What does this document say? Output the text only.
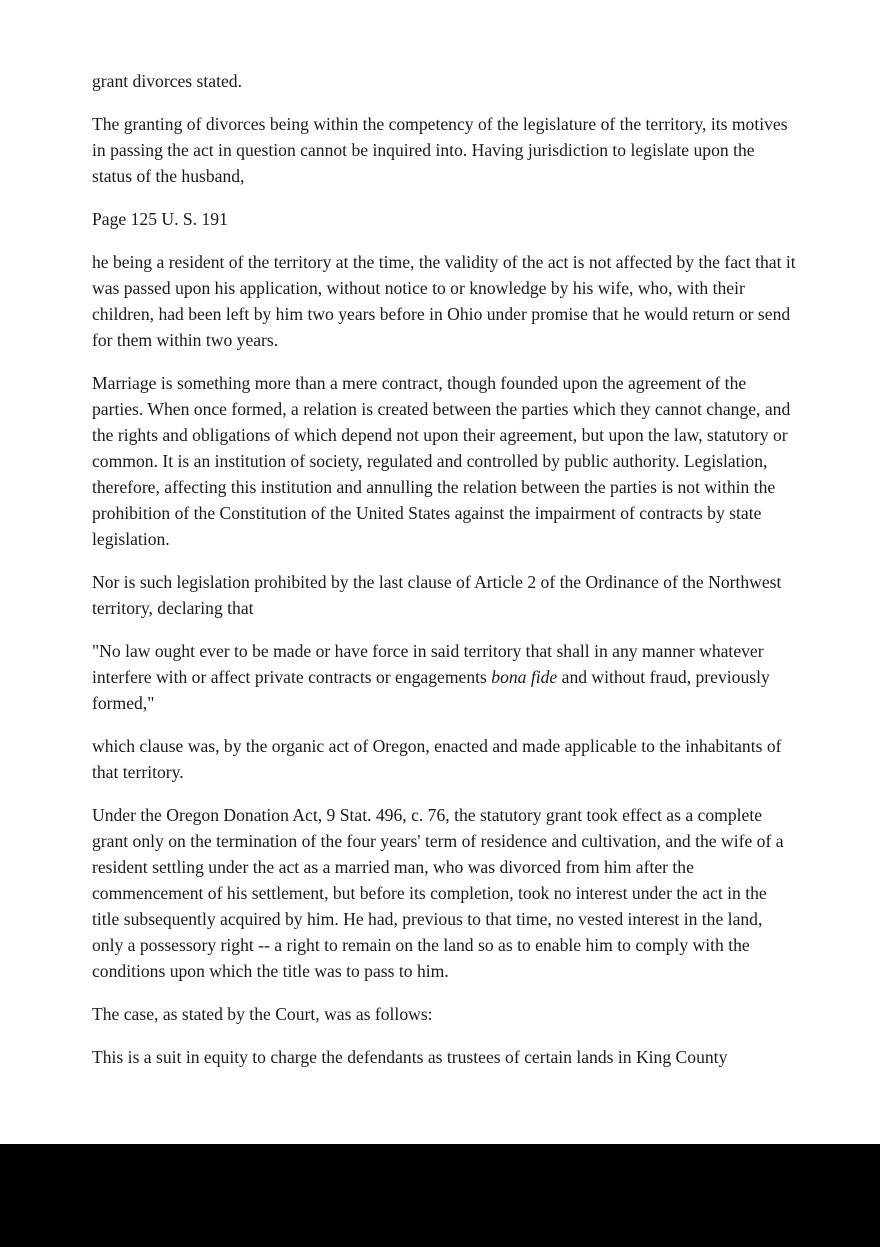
grant divorces stated.

The granting of divorces being within the competency of the legislature of the territory, its motives in passing the act in question cannot be inquired into. Having jurisdiction to legislate upon the status of the husband,

Page 125 U. S. 191

he being a resident of the territory at the time, the validity of the act is not affected by the fact that it was passed upon his application, without notice to or knowledge by his wife, who, with their children, had been left by him two years before in Ohio under promise that he would return or send for them within two years.

Marriage is something more than a mere contract, though founded upon the agreement of the parties. When once formed, a relation is created between the parties which they cannot change, and the rights and obligations of which depend not upon their agreement, but upon the law, statutory or common. It is an institution of society, regulated and controlled by public authority. Legislation, therefore, affecting this institution and annulling the relation between the parties is not within the prohibition of the Constitution of the United States against the impairment of contracts by state legislation.

Nor is such legislation prohibited by the last clause of Article 2 of the Ordinance of the Northwest territory, declaring that

"No law ought ever to be made or have force in said territory that shall in any manner whatever interfere with or affect private contracts or engagements bona fide and without fraud, previously formed,"

which clause was, by the organic act of Oregon, enacted and made applicable to the inhabitants of that territory.

Under the Oregon Donation Act, 9 Stat. 496, c. 76, the statutory grant took effect as a complete grant only on the termination of the four years' term of residence and cultivation, and the wife of a resident settling under the act as a married man, who was divorced from him after the commencement of his settlement, but before its completion, took no interest under the act in the title subsequently acquired by him. He had, previous to that time, no vested interest in the land, only a possessory right -- a right to remain on the land so as to enable him to comply with the conditions upon which the title was to pass to him.

The case, as stated by the Court, was as follows:

This is a suit in equity to charge the defendants as trustees of certain lands in King County
